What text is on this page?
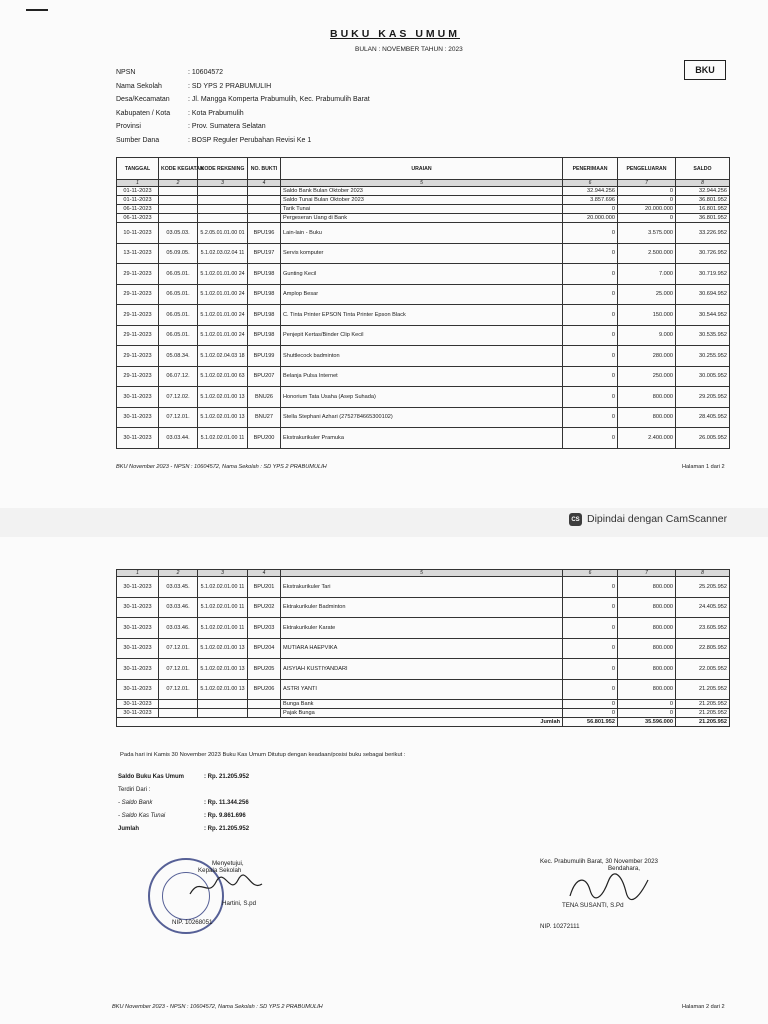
BUKU KAS UMUM
BULAN : NOVEMBER TAHUN : 2023
BKU
NPSN	: 10604572
Nama Sekolah	: SD YPS 2 PRABUMULIH
Desa/Kecamatan	: Jl. Mangga Komperta Prabumulih, Kec. Prabumulih Barat
Kabupaten / Kota	: Kota Prabumulih
Provinsi	: Prov. Sumatera Selatan
Sumber Dana	: BOSP Reguler Perubahan Revisi Ke 1
TANGGAL	KODE KEGIATAN	KODE REKENING	NO. BUKTI	URAIAN	PENERIMAAN	PENGELUARAN	SALDO
1	2	3	4	5	6	7	8
01-11-2023				Saldo Bank Bulan Oktober 2023	32.944.256	0	32.944.256
01-11-2023				Saldo Tunai Bulan Oktober 2023	3.857.696	0	36.801.952
06-11-2023				Tarik Tunai	0	20.000.000	16.801.952
06-11-2023				Pergeseran Uang di Bank	20.000.000	0	36.801.952
10-11-2023	03.05.03.	5.2.05.01.01.00 01	BPU196	Lain-lain - Buku	0	3.575.000	33.226.952
13-11-2023	05.09.05.	5.1.02.03.02.04 11	BPU197	Servis komputer	0	2.500.000	30.726.952
29-11-2023	06.05.01.	5.1.02.01.01.00 24	BPU198	Gunting Kecil	0	7.000	30.719.952
29-11-2023	06.05.01.	5.1.02.01.01.00 24	BPU198	Amplop Besar	0	25.000	30.694.952
29-11-2023	06.05.01.	5.1.02.01.01.00 24	BPU198	C. Tinta Printer EPSON Tinta Printer Epson Black	0	150.000	30.544.952
29-11-2023	06.05.01.	5.1.02.01.01.00 24	BPU198	Penjepit Kertas/Binder Clip Kecil	0	9.000	30.535.952
29-11-2023	05.08.34.	5.1.02.02.04.03 18	BPU199	Shuttlecock badminton	0	280.000	30.255.952
29-11-2023	06.07.12.	5.1.02.02.01.00 63	BPU207	Belanja Pulsa Internet	0	250.000	30.005.952
30-11-2023	07.12.02.	5.1.02.02.01.00 13	BNU26	Honorium Tata Usaha (Asep Suhada)	0	800.000	29.205.952
30-11-2023	07.12.01.	5.1.02.02.01.00 13	BNU27	Stella Stephani Azhari (2752784665300102)	0	800.000	28.405.952
30-11-2023	03.03.44.	5.1.02.02.01.00 11	BPU200	Ekstrakurikuler Pramuka	0	2.400.000	26.005.952
BKU November 2023 - NPSN : 10604572, Nama Sekolah : SD YPS 2 PRABUMULIH	Halaman 1 dari 2
CS Dipindai dengan CamScanner
1	2	3	4	5	6	7	8
30-11-2023	03.03.45.	5.1.02.02.01.00 11	BPU201	Ekstrakurikuler Tari	0	800.000	25.205.952
30-11-2023	03.03.46.	5.1.02.02.01.00 11	BPU202	Ektrakurikuler Badminton	0	800.000	24.405.952
30-11-2023	03.03.46.	5.1.02.02.01.00 11	BPU203	Ektrakurikuler Karate	0	800.000	23.605.952
30-11-2023	07.12.01.	5.1.02.02.01.00 13	BPU204	MUTIARA HAEPVIKA	0	800.000	22.805.952
30-11-2023	07.12.01.	5.1.02.02.01.00 13	BPU205	AISYIAH KUSTIYANDARI	0	800.000	22.005.952
30-11-2023	07.12.01.	5.1.02.02.01.00 13	BPU206	ASTRI YANTI	0	800.000	21.205.952
30-11-2023				Bunga Bank	0	0	21.205.952
30-11-2023				Pajak Bunga	0	0	21.205.952
Jumlah					56.801.952	35.596.000	21.205.952
Pada hari ini Kamis 30 November 2023 Buku Kas Umum Ditutup dengan keadaan/posisi buku sebagai berikut :
Saldo Buku Kas Umum	: Rp. 21.205.952
Terdiri Dari :
- Saldo Bank	: Rp. 11.344.256
- Saldo Kas Tunai	: Rp. 9.861.696
Jumlah	: Rp. 21.205.952
Menyetujui,
Kepala Sekolah
Hartini, S.pd
NIP. 10268051
Kec. Prabumulih Barat, 30 November 2023
Bendahara,
TENA SUSANTI, S.Pd
NIP. 10272111
BKU November 2023 - NPSN : 10604572, Nama Sekolah : SD YPS 2 PRABUMULIH	Halaman 2 dari 2
